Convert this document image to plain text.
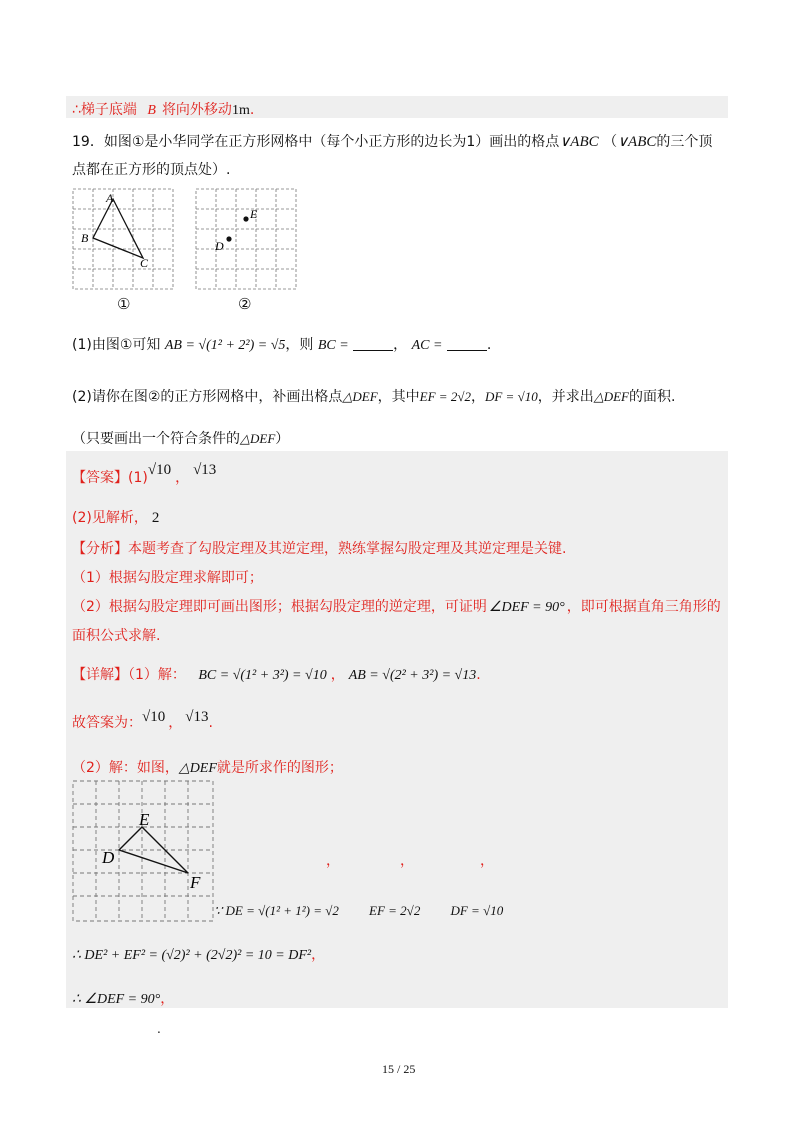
∴梯子底端 B 将向外移动1m.
19．如图①是小华同学在正方形网格中（每个小正方形的边长为1）画出的格点∨ABC （∨ABC的三个顶
点都在正方形的顶点处）.
A
B
C
①
D
E
②
(1)由图①可知 AB = √(1² + 2²) = √5，则 BC =	， AC =	.
(2)请你在图②的正方形网格中，补画出格点△DEF，其中EF = 2√2，DF = √10，并求出△DEF的面积.
（只要画出一个符合条件的△DEF）
【答案】(1)√10 ， √13
(2)见解析， 2
【分析】本题考查了勾股定理及其逆定理，熟练掌握勾股定理及其逆定理是关键.
（1）根据勾股定理求解即可；
（2）根据勾股定理即可画出图形；根据勾股定理的逆定理，可证明 ∠DEF = 90° ，即可根据直角三角形的
面积公式求解.
【详解】（1）解： BC = √(1² + 3²) = √10 ， AB = √(2² + 3²) = √13.
故答案为：√10 ， √13.
（2）解：如图，△DEF就是所求作的图形；
E
D
F
，	，	，
∵ DE = √(1² + 1²) = √2 EF = 2√2 DF = √10
∴ DE² + EF² = (√2)² + (2√2)² = 10 = DF²，
∴ ∠DEF = 90°，
.
15 / 25
